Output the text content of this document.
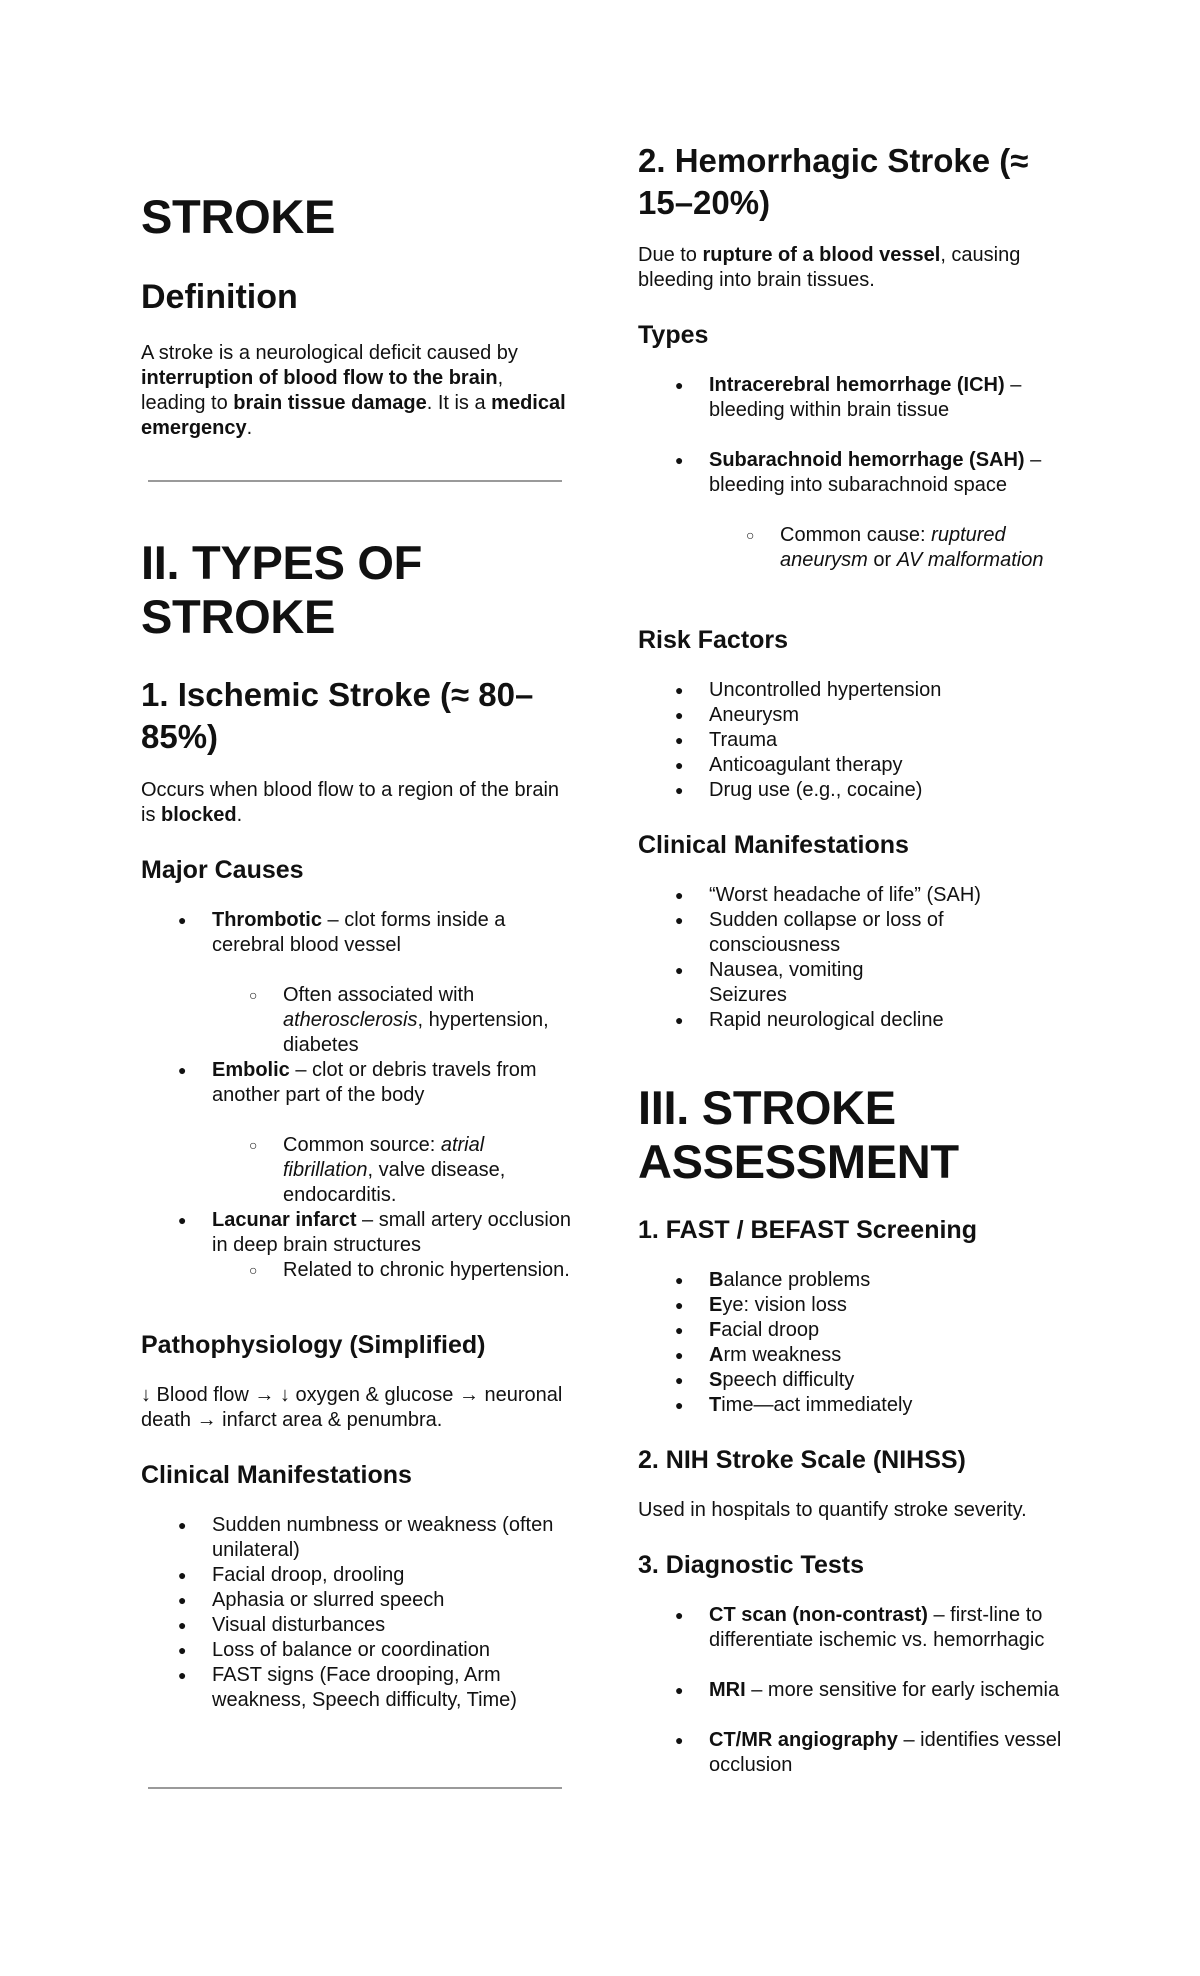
STROKE
Definition

A stroke is a neurological deficit caused by interruption of blood flow to the brain, leading to brain tissue damage. It is a medical emergency.

II. TYPES OF STROKE
1. Ischemic Stroke (≈ 80–85%)

Occurs when blood flow to a region of the brain is blocked.

Major Causes
● Thrombotic – clot forms inside a cerebral blood vessel
○ Often associated with atherosclerosis, hypertension, diabetes
● Embolic – clot or debris travels from another part of the body
○ Common source: atrial fibrillation, valve disease, endocarditis.
● Lacunar infarct – small artery occlusion in deep brain structures
○ Related to chronic hypertension.
Pathophysiology (Simplified)

↓ Blood flow → ↓ oxygen & glucose → neuronal death → infarct area & penumbra.

Clinical Manifestations
● Sudden numbness or weakness (often unilateral)
● Facial droop, drooling
● Aphasia or slurred speech
● Visual disturbances
● Loss of balance or coordination
● FAST signs (Face drooping, Arm weakness, Speech difficulty, Time)
2. Hemorrhagic Stroke (≈ 15–20%)

Due to rupture of a blood vessel, causing bleeding into brain tissues.

Types
● Intracerebral hemorrhage (ICH) – bleeding within brain tissue
● Subarachnoid hemorrhage (SAH) – bleeding into subarachnoid space
○ Common cause: ruptured aneurysm or AV malformation
Risk Factors
● Uncontrolled hypertension
● Aneurysm
● Trauma
● Anticoagulant therapy
● Drug use (e.g., cocaine)
Clinical Manifestations
● “Worst headache of life” (SAH)
● Sudden collapse or loss of consciousness
● Nausea, vomiting
Seizures
● Rapid neurological decline
III. STROKE ASSESSMENT
1. FAST / BEFAST Screening
● Balance problems
● Eye: vision loss
● Facial droop
● Arm weakness
● Speech difficulty
● Time—act immediately
2. NIH Stroke Scale (NIHSS)

Used in hospitals to quantify stroke severity.

3. Diagnostic Tests
● CT scan (non-contrast) – first-line to differentiate ischemic vs. hemorrhagic
● MRI – more sensitive for early ischemia
● CT/MR angiography – identifies vessel occlusion
